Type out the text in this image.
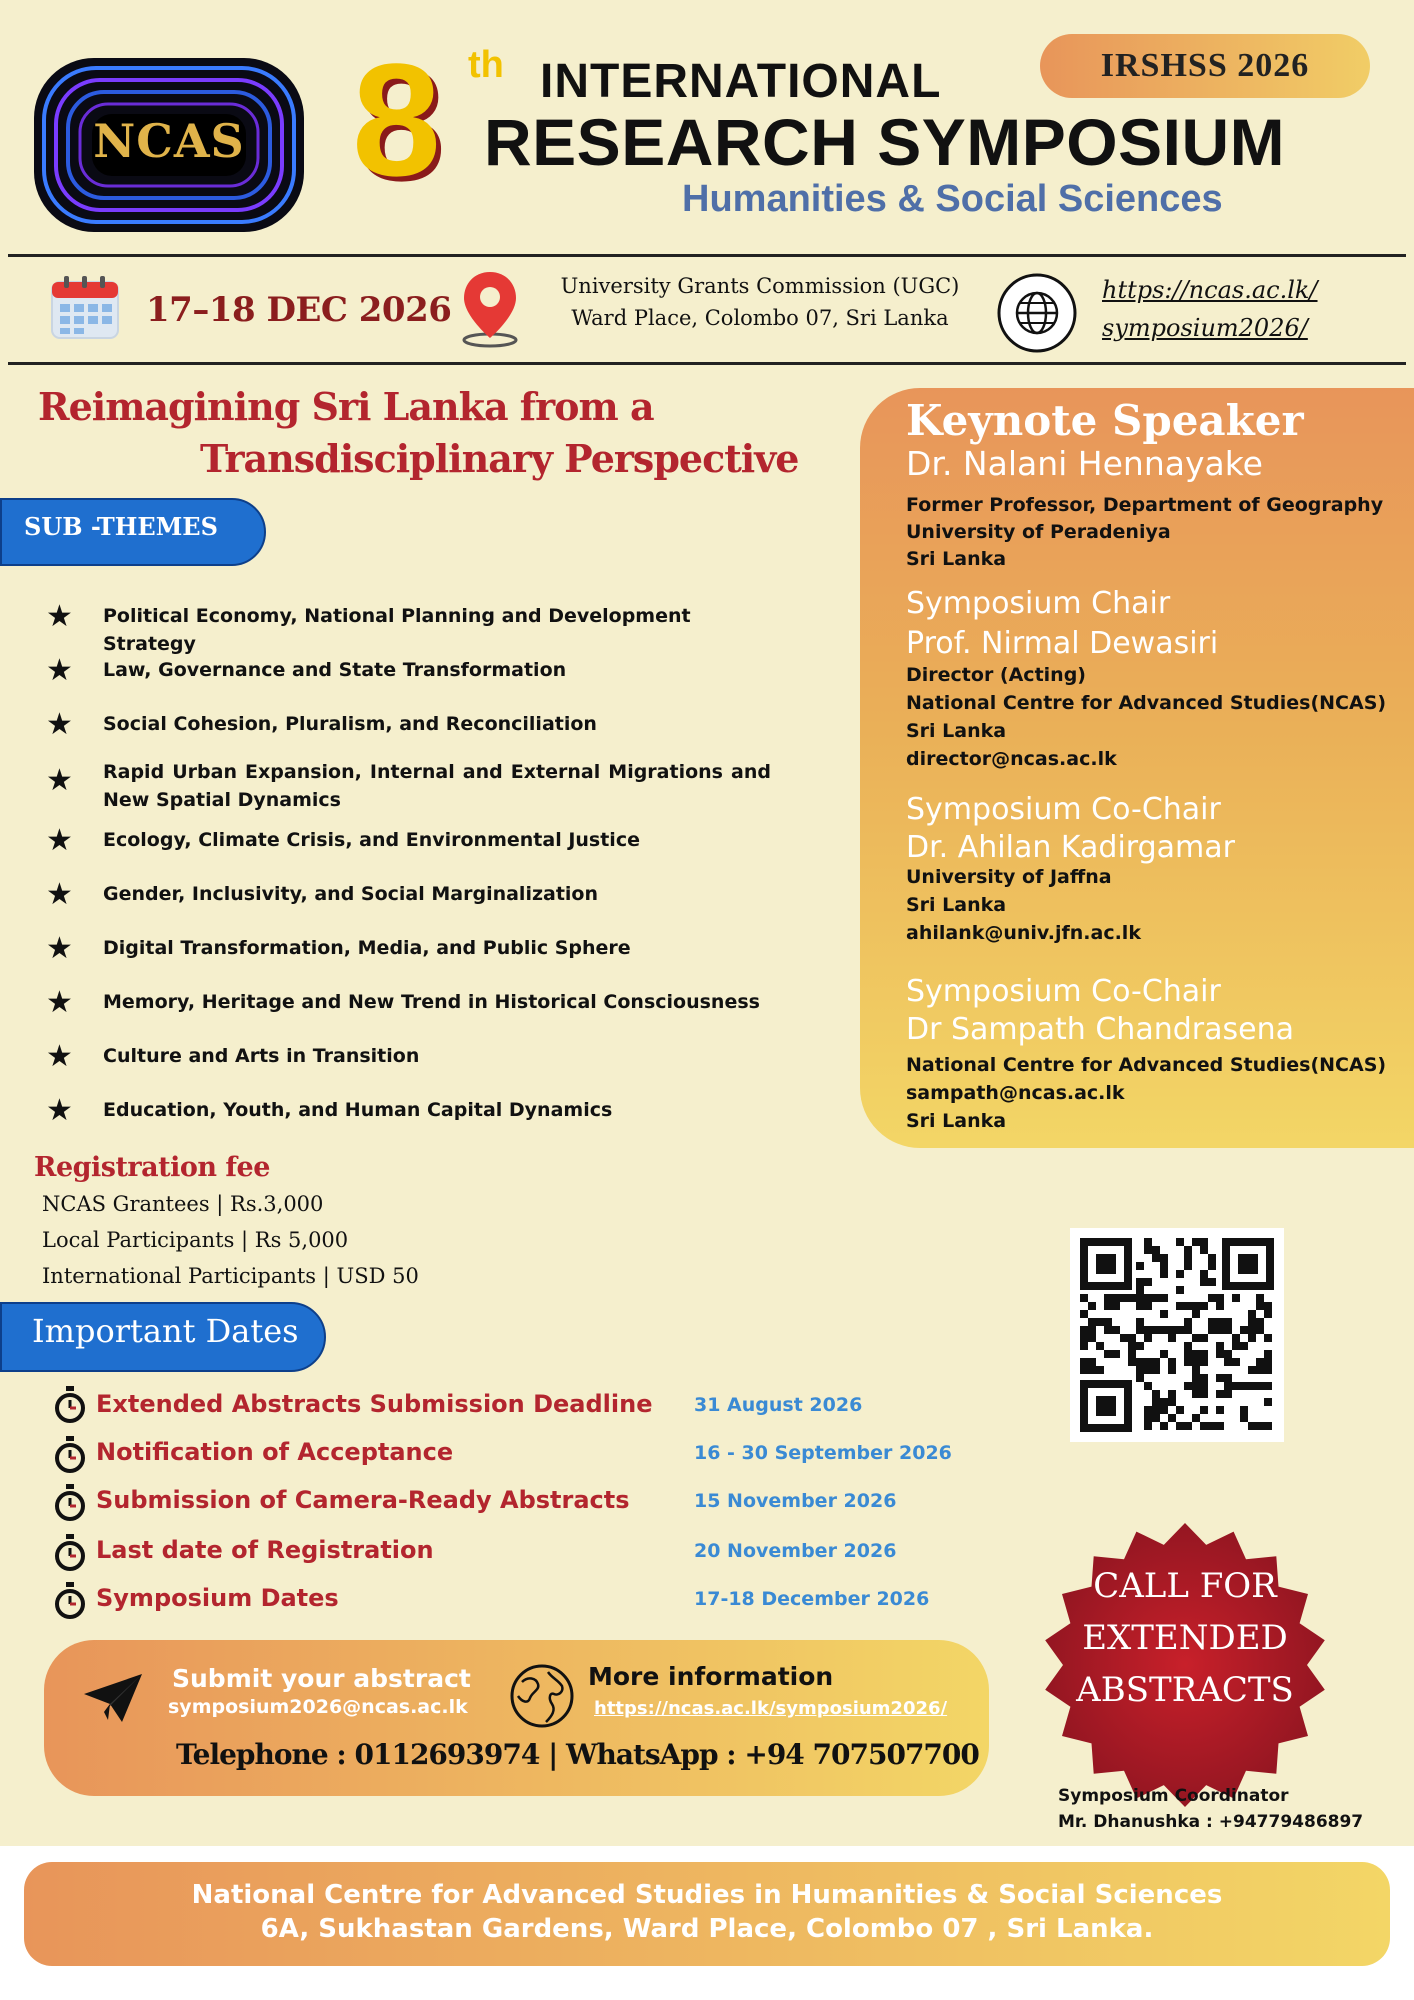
NCAS 8 th INTERNATIONAL
RESEARCH SYMPOSIUM
Humanities & Social Sciences
IRSHSS 2026
17–18 DEC 2026
University Grants Commission (UGC)
Ward Place, Colombo 07, Sri Lanka
https://ncas.ac.lk/
symposium2026/
Reimagining Sri Lanka from a
Transdisciplinary Perspective
SUB -THEMES
★ Political Economy, National Planning and Development Strategy
★ Law, Governance and State Transformation
★ Social Cohesion, Pluralism, and Reconciliation
★ Rapid Urban Expansion, Internal and External Migrations and New Spatial Dynamics
★ Ecology, Climate Crisis, and Environmental Justice
★ Gender, Inclusivity, and Social Marginalization
★ Digital Transformation, Media, and Public Sphere
★ Memory, Heritage and New Trend in Historical Consciousness
★ Culture and Arts in Transition
★ Education, Youth, and Human Capital Dynamics
Keynote Speaker
Dr. Nalani Hennayake
Former Professor, Department of Geography
University of Peradeniya
Sri Lanka
Symposium Chair
Prof. Nirmal Dewasiri
Director (Acting)
National Centre for Advanced Studies(NCAS)
Sri Lanka
director@ncas.ac.lk
Symposium Co-Chair
Dr. Ahilan Kadirgamar
University of Jaffna
Sri Lanka
ahilank@univ.jfn.ac.lk
Symposium Co-Chair
Dr Sampath Chandrasena
National Centre for Advanced Studies(NCAS)
sampath@ncas.ac.lk
Sri Lanka
Registration fee
NCAS Grantees | Rs.3,000
Local Participants | Rs 5,000
International Participants | USD 50
Important Dates
Extended Abstracts Submission Deadline 31 August 2026
Notification of Acceptance	16 - 30 September 2026
Submission of Camera-Ready Abstracts	15 November 2026
Last date of Registration	20 November 2026
Symposium Dates	17-18 December 2026	CALL FOR
EXTENDED
ABSTRACTS
Symposium Coordinator
Mr. Dhanushka : +94779486897
Submit your abstract
symposium2026@ncas.ac.lk
More information
https://ncas.ac.lk/symposium2026/
Telephone : 0112693974 | WhatsApp : +94 707507700
National Centre for Advanced Studies in Humanities & Social Sciences
6A, Sukhastan Gardens, Ward Place, Colombo 07 , Sri Lanka.
